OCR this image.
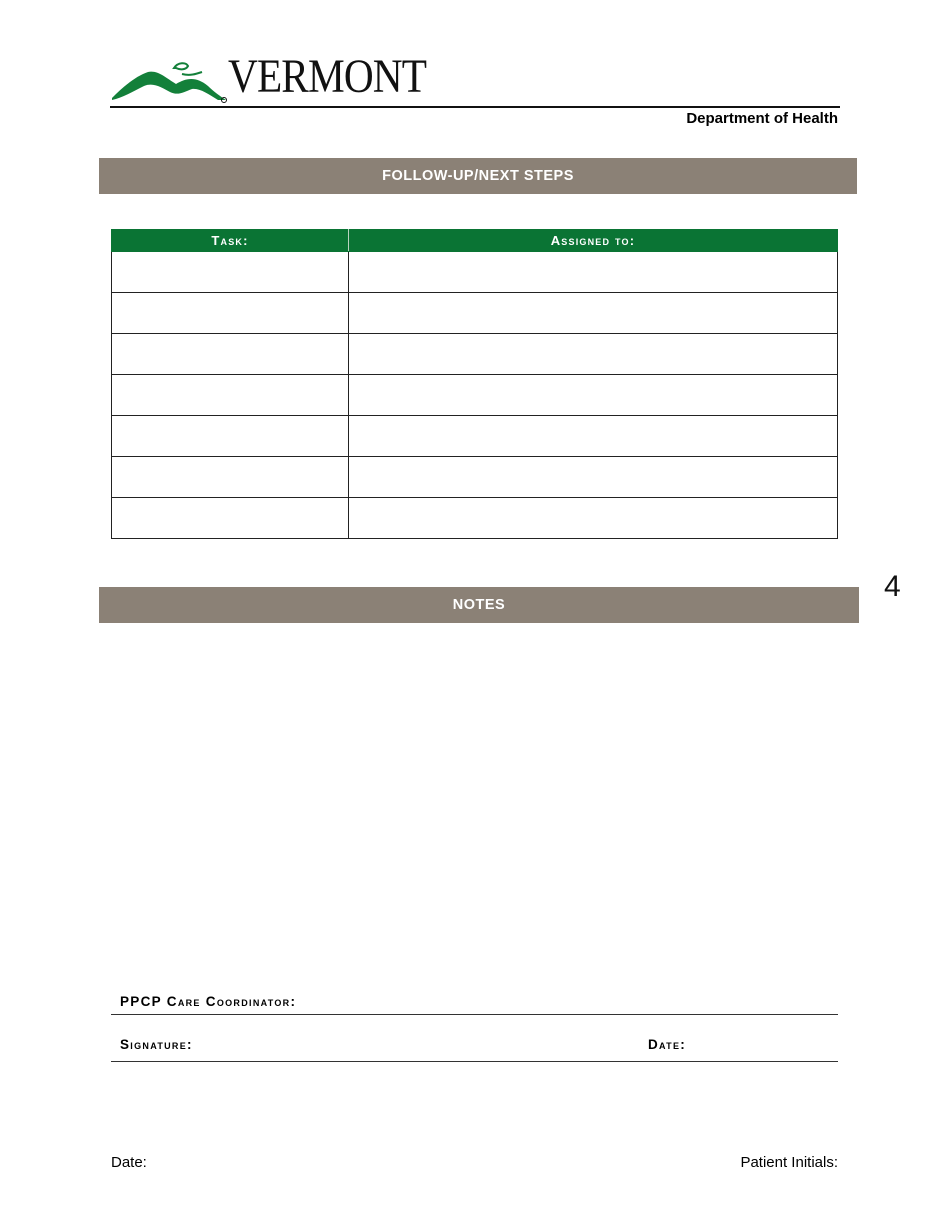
VERMONT
Department of Health
FOLLOW-UP/NEXT STEPS
Task:	Assigned to:

NOTES
4
PPCP Care Coordinator:
Signature:	Date:
Date:	Patient Initials:
